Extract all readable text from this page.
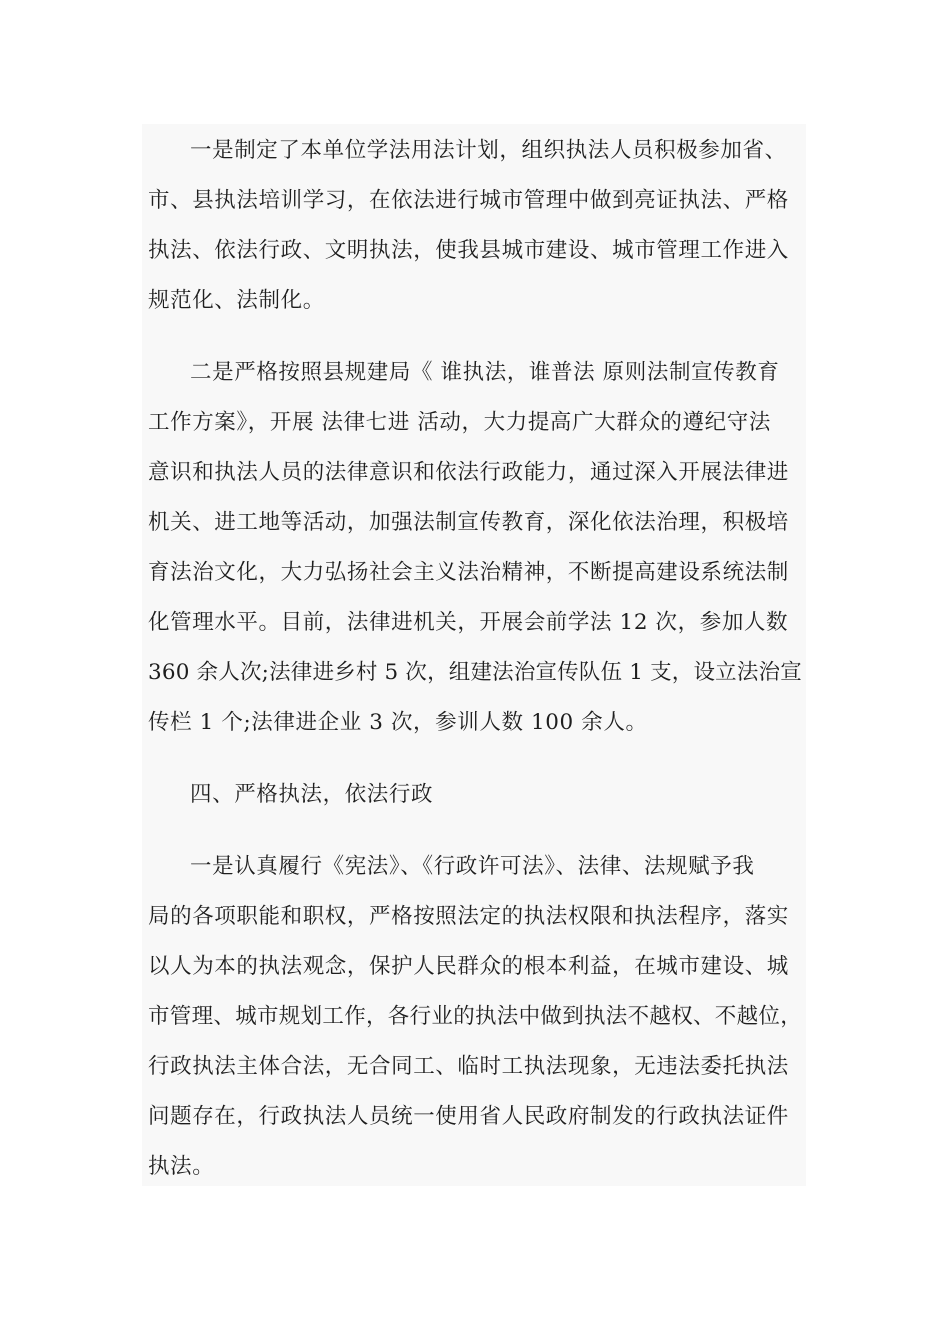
一是制定了本单位学法用法计划，组织执法人员积极参加省、
市、县执法培训学习，在依法进行城市管理中做到亮证执法、严格
执法、依法行政、文明执法，使我县城市建设、城市管理工作进入
规范化、法制化。
二是严格按照县规建局《 谁执法，谁普法 原则法制宣传教育
工作方案》，开展 法律七进 活动，大力提高广大群众的遵纪守法
意识和执法人员的法律意识和依法行政能力，通过深入开展法律进
机关、进工地等活动，加强法制宣传教育，深化依法治理，积极培
育法治文化，大力弘扬社会主义法治精神，不断提高建设系统法制
化管理水平。目前，法律进机关，开展会前学法 12 次，参加人数
360 余人次;法律进乡村 5 次，组建法治宣传队伍 1 支，设立法治宣
传栏 1 个;法律进企业 3 次，参训人数 100 余人。
四、严格执法，依法行政
一是认真履行《宪法》、《行政许可法》、法律、法规赋予我
局的各项职能和职权，严格按照法定的执法权限和执法程序，落实
以人为本的执法观念，保护人民群众的根本利益，在城市建设、城
市管理、城市规划工作，各行业的执法中做到执法不越权、不越位，
行政执法主体合法，无合同工、临时工执法现象，无违法委托执法
问题存在，行政执法人员统一使用省人民政府制发的行政执法证件
执法。
